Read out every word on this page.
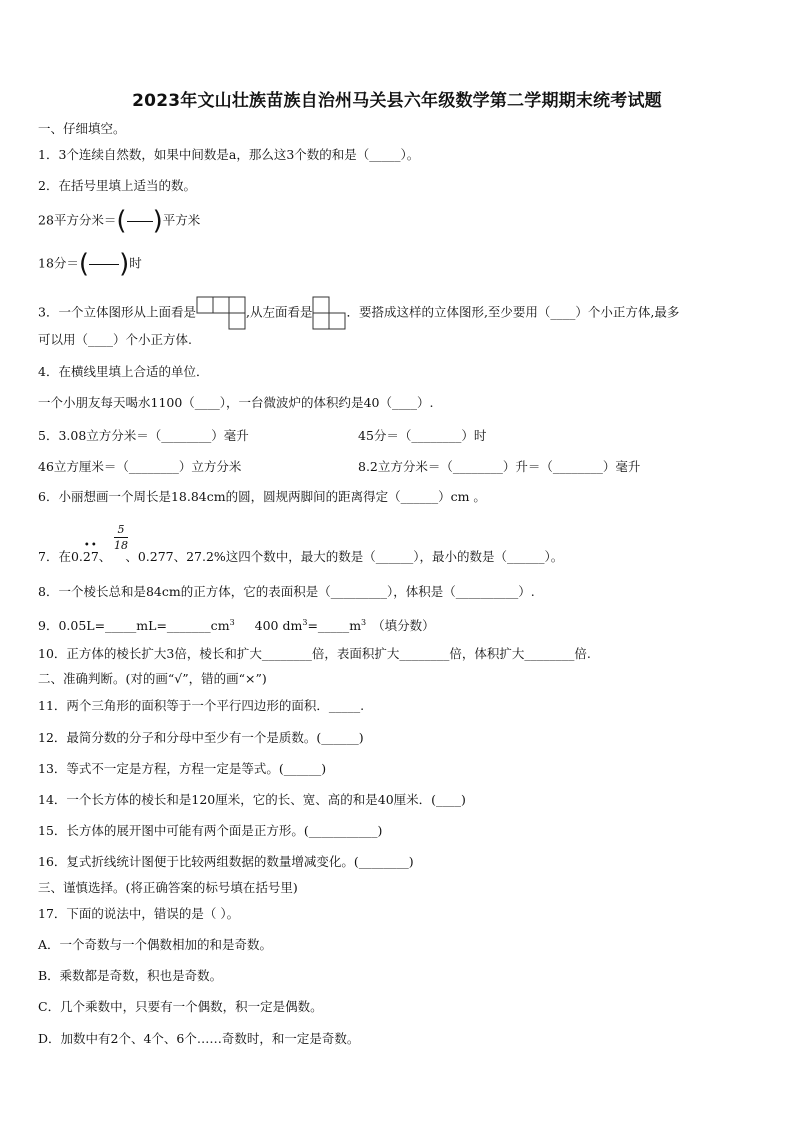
2023年文山壮族苗族自治州马关县六年级数学第二学期期末统考试题
一、仔细填空。
1．3个连续自然数，如果中间数是a，那么这3个数的和是（_____）。
2．在括号里填上适当的数。
28平方分米＝ ( ) 平方米
18分＝ ( ) 时
3．一个立体图形从上面看是	,从左面看是	．要搭成这样的立体图形,至少要用（____）个小正方体,最多
可以用（____）个小正方体.
4．在横线里填上合适的单位．
一个小朋友每天喝水1100（____），一台微波炉的体积约是40（____）.
5．3.08立方分米＝（________）毫升	45分＝（________）时
46立方厘米＝（________）立方分米	8.2立方分米＝（________）升＝（________）毫升
6．小丽想画一个周长是18.84cm的圆，圆规两脚间的距离得定（______）cm 。
5
18
7．在0.
• •
27、 、0.277、27.2%这四个数中，最大的数是（______），最小的数是（______）。
8．一个棱长总和是84cm的正方体，它的表面积是（_________），体积是（__________）.
9．$0.05L=\_\_\_\_\_mL=\_\_\_\_\_\_\_cm^3$ 400 $dm^3=\_\_\_\_\_m^3$ （填分数）
10．正方体的棱长扩大3倍，棱长和扩大________倍，表面积扩大________倍，体积扩大________倍.
二、准确判断。(对的画“√”，错的画“×”)
11．两个三角形的面积等于一个平行四边形的面积．_____.
12．最简分数的分子和分母中至少有一个是质数。(______)
13．等式不一定是方程，方程一定是等式。(______)
14．一个长方体的棱长和是120厘米，它的长、宽、高的和是40厘米．(____)
15．长方体的展开图中可能有两个面是正方形。(___________)
16．复式折线统计图便于比较两组数据的数量增减变化。(________)
三、谨慎选择。(将正确答案的标号填在括号里)
17．下面的说法中，错误的是（ ）。
A．一个奇数与一个偶数相加的和是奇数。
B．乘数都是奇数，积也是奇数。
C．几个乘数中，只要有一个偶数，积一定是偶数。
D．加数中有2个、4个、6个……奇数时，和一定是奇数。
